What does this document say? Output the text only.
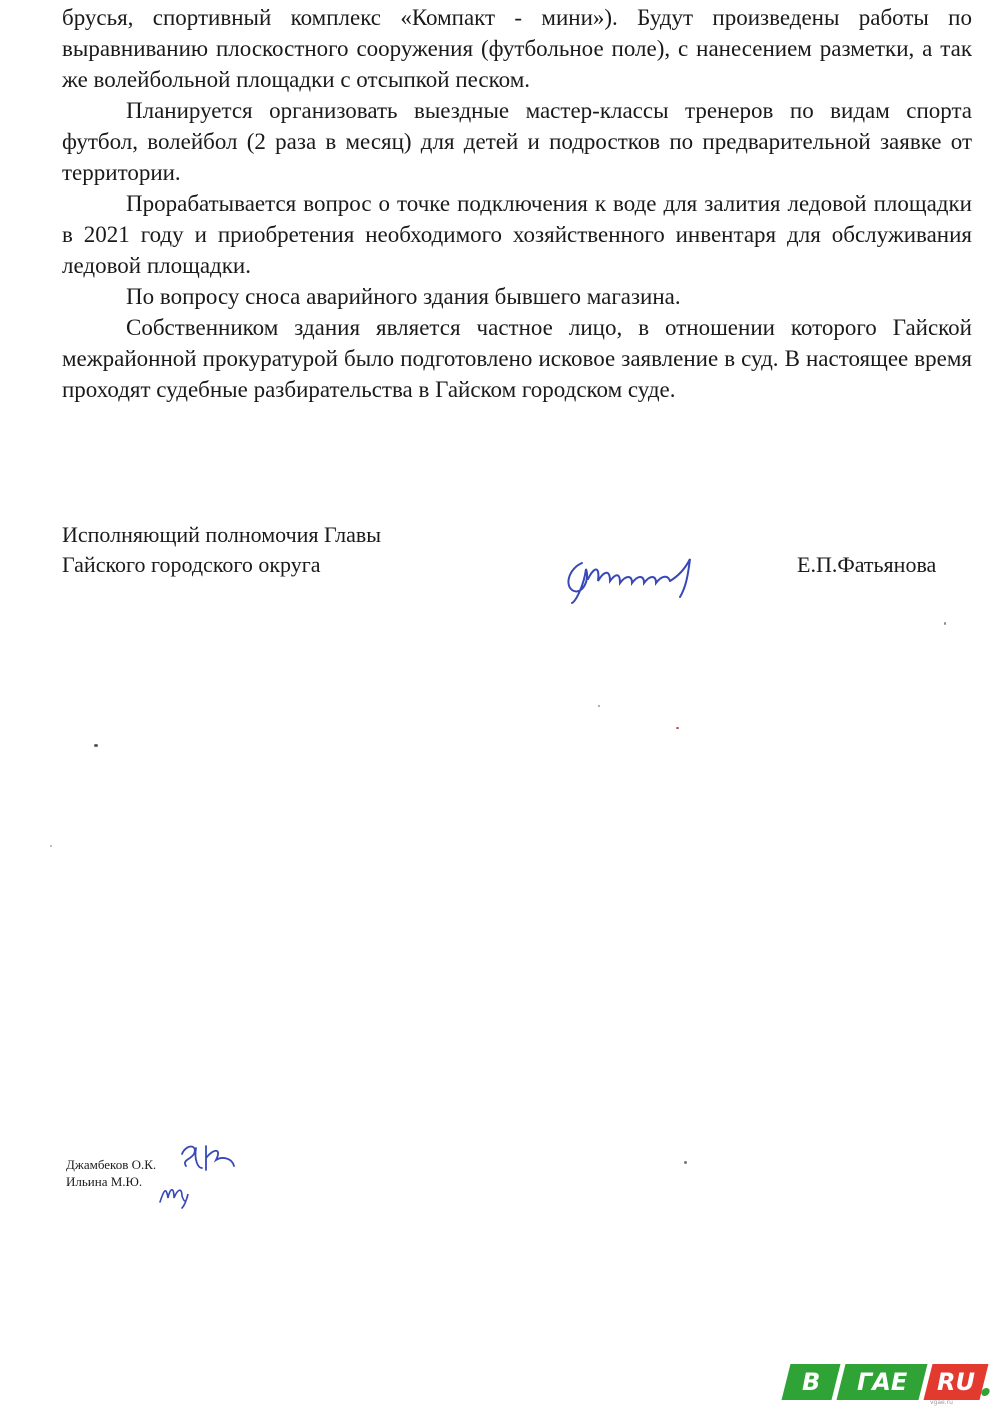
брусья, спортивный комплекс «Компакт - мини»). Будут произведены работы по выравниванию плоскостного сооружения (футбольное поле), с нанесением разметки, а так же волейбольной площадки с отсыпкой песком.

Планируется организовать выездные мастер-классы тренеров по видам спорта футбол, волейбол (2 раза в месяц) для детей и подростков по предварительной заявке от территории.

Прорабатывается вопрос о точке подключения к воде для залития ледовой площадки в 2021 году и приобретения необходимого хозяйственного инвентаря для обслуживания ледовой площадки.

По вопросу сноса аварийного здания бывшего магазина.

Собственником здания является частное лицо, в отношении которого Гайской межрайонной прокуратурой было подготовлено исковое заявление в суд. В настоящее время проходят судебные разбирательства в Гайском городском суде.

Исполняющий полномочия Главы
Гайского городского округа	Е.П.Фатьянова
Джамбеков О.К.
Ильина М.Ю.
В ГАЕ RU
vgae.ru
